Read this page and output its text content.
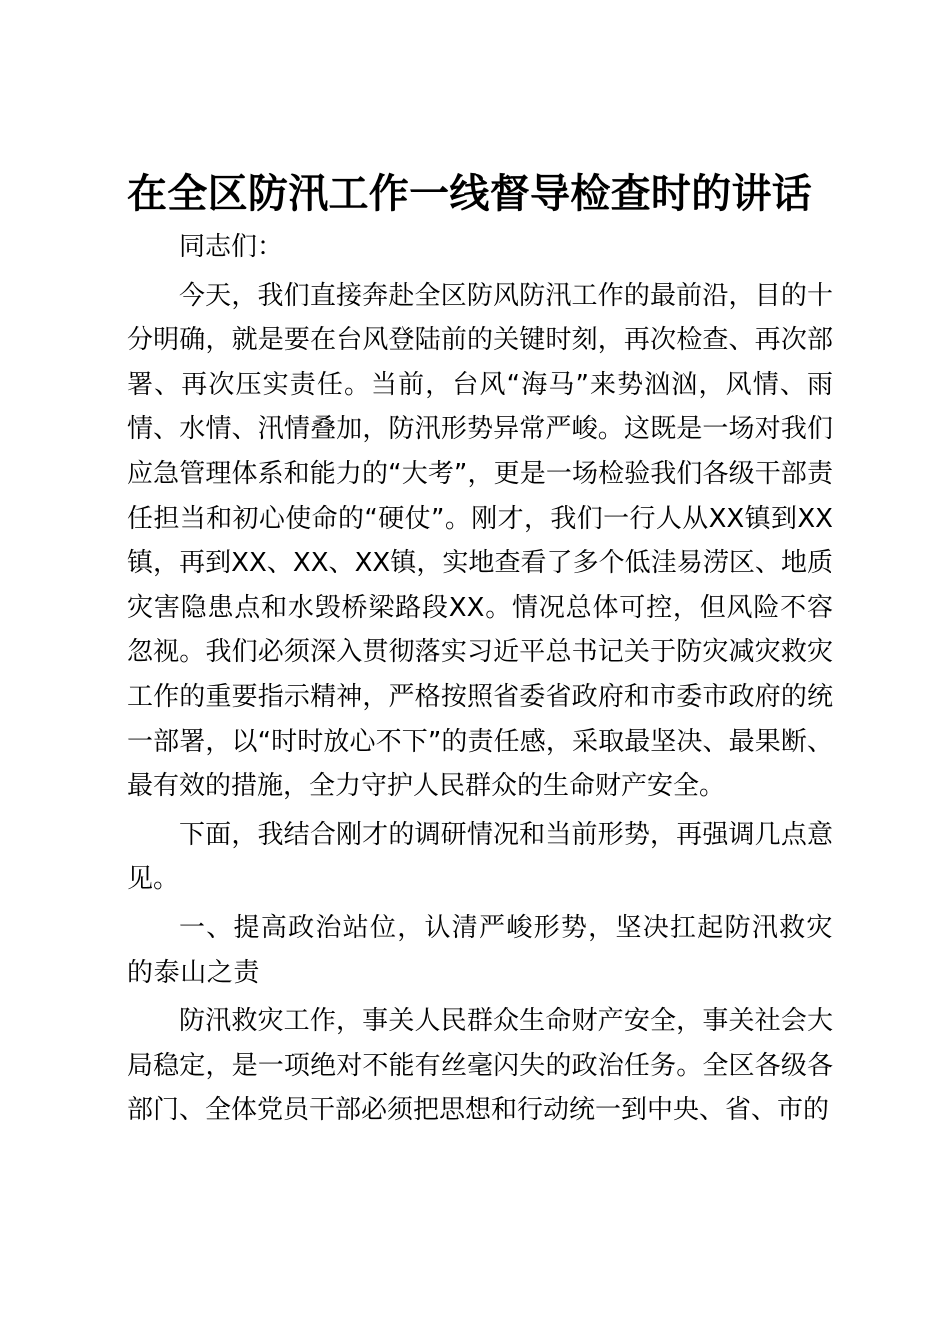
在全区防汛工作一线督导检查时的讲话

同志们：

今天，我们直接奔赴全区防风防汛工作的最前沿，目的十分明确，就是要在台风登陆前的关键时刻，再次检查、再次部署、再次压实责任。当前，台风“海马”来势汹汹，风情、雨情、水情、汛情叠加，防汛形势异常严峻。这既是一场对我们应急管理体系和能力的“大考”，更是一场检验我们各级干部责任担当和初心使命的“硬仗”。刚才，我们一行人从XX镇到XX镇，再到XX、XX、XX镇，实地查看了多个低洼易涝区、地质灾害隐患点和水毁桥梁路段XX。情况总体可控，但风险不容忽视。我们必须深入贯彻落实习近平总书记关于防灾减灾救灾工作的重要指示精神，严格按照省委省政府和市委市政府的统一部署，以“时时放心不下”的责任感，采取最坚决、最果断、最有效的措施，全力守护人民群众的生命财产安全。

下面，我结合刚才的调研情况和当前形势，再强调几点意见。

一、提高政治站位，认清严峻形势，坚决扛起防汛救灾的泰山之责

防汛救灾工作，事关人民群众生命财产安全，事关社会大局稳定，是一项绝对不能有丝毫闪失的政治任务。全区各级各部门、全体党员干部必须把思想和行动统一到中央、省、市的
